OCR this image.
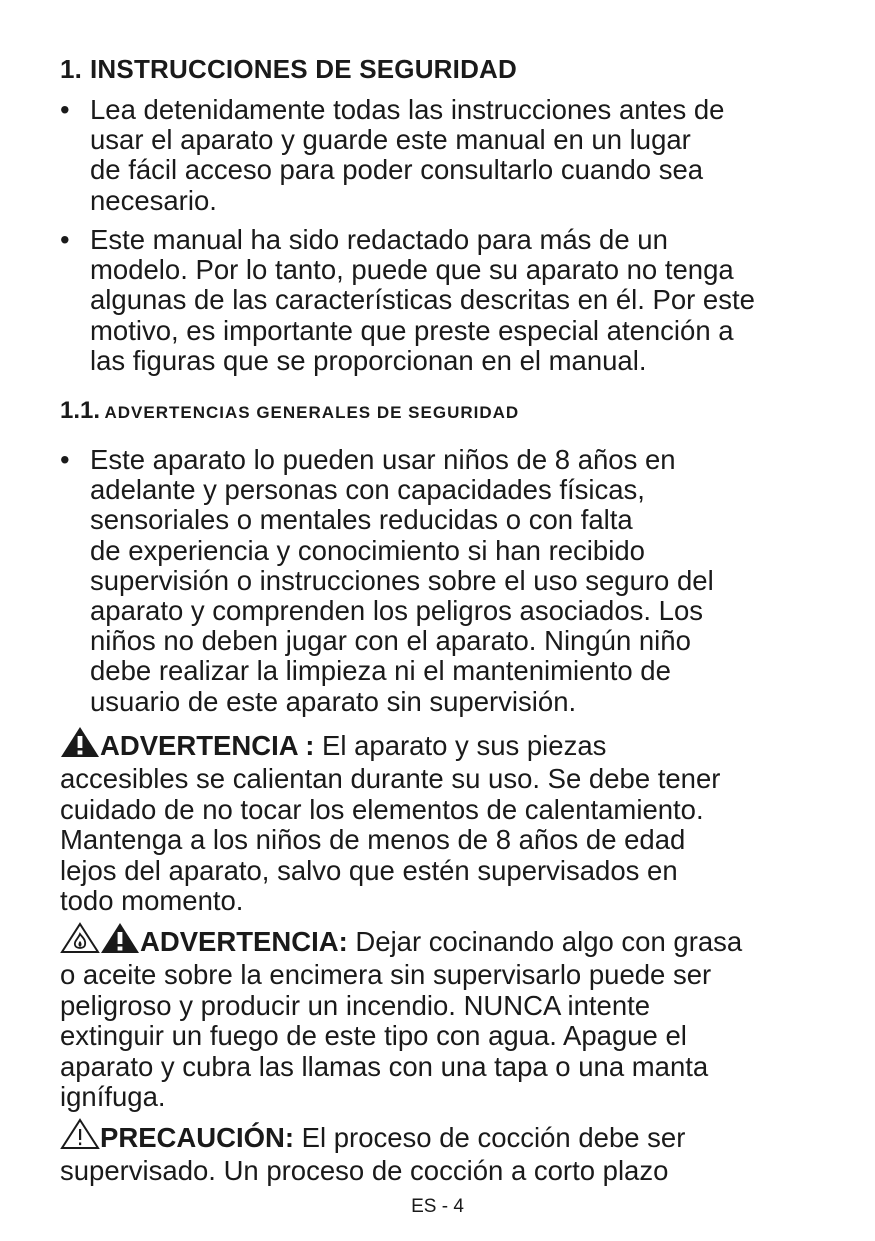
1. INSTRUCCIONES DE SEGURIDAD
• Lea detenidamente todas las instrucciones antes de
usar el aparato y guarde este manual en un lugar
de fácil acceso para poder consultarlo cuando sea
necesario.
• Este manual ha sido redactado para más de un
modelo. Por lo tanto, puede que su aparato no tenga
algunas de las características descritas en él. Por este
motivo, es importante que preste especial atención a
las figuras que se proporcionan en el manual.
1.1. ADVERTENCIAS GENERALES DE SEGURIDAD
• Este aparato lo pueden usar niños de 8 años en
adelante y personas con capacidades físicas,
sensoriales o mentales reducidas o con falta
de experiencia y conocimiento si han recibido
supervisión o instrucciones sobre el uso seguro del
aparato y comprenden los peligros asociados. Los
niños no deben jugar con el aparato. Ningún niño
debe realizar la limpieza ni el mantenimiento de
usuario de este aparato sin supervisión.
ADVERTENCIA : El aparato y sus piezas
accesibles se calientan durante su uso. Se debe tener
cuidado de no tocar los elementos de calentamiento.
Mantenga a los niños de menos de 8 años de edad
lejos del aparato, salvo que estén supervisados en
todo momento.
ADVERTENCIA: Dejar cocinando algo con grasa
o aceite sobre la encimera sin supervisarlo puede ser
peligroso y producir un incendio. NUNCA intente
extinguir un fuego de este tipo con agua. Apague el
aparato y cubra las llamas con una tapa o una manta
ignífuga.
PRECAUCIÓN: El proceso de cocción debe ser
supervisado. Un proceso de cocción a corto plazo
ES - 4
